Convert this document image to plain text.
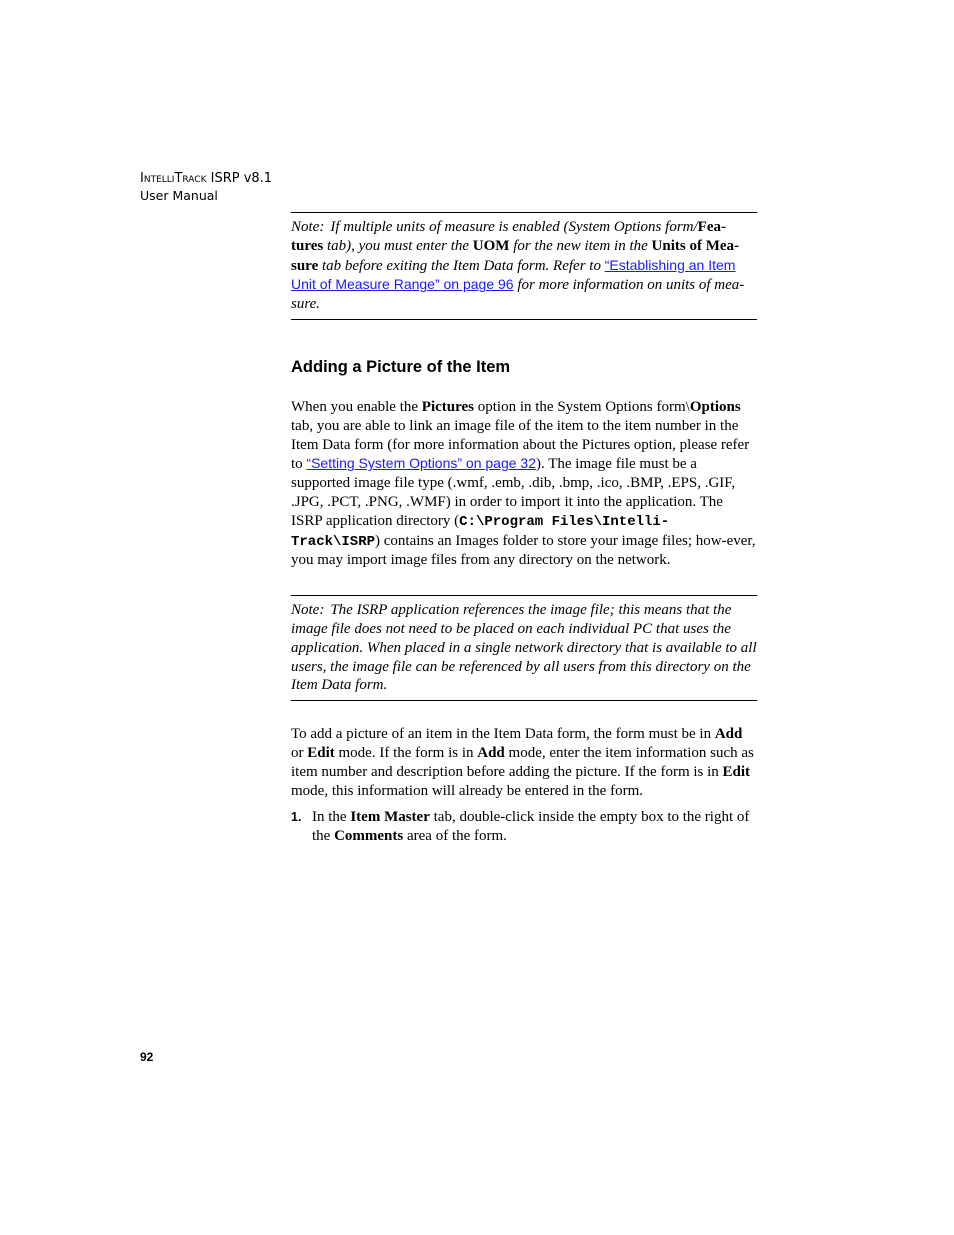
IntelliTrack ISRP v8.1
User Manual
Note: If multiple units of measure is enabled (System Options form/Fea-tures tab), you must enter the UOM for the new item in the Units of Mea-sure tab before exiting the Item Data form. Refer to “Establishing an Item Unit of Measure Range” on page 96 for more information on units of mea-sure.
Adding a Picture of the Item

When you enable the Pictures option in the System Options form\Options tab, you are able to link an image file of the item to the item number in the Item Data form (for more information about the Pictures option, please refer to “Setting System Options” on page 32). The image file must be a supported image file type (.wmf, .emb, .dib, .bmp, .ico, .BMP, .EPS, .GIF, .JPG, .PCT, .PNG, .WMF) in order to import it into the application. The ISRP application directory (C:\Program Files\Intelli-Track\ISRP) contains an Images folder to store your image files; how-ever, you may import image files from any directory on the network.

Note: The ISRP application references the image file; this means that the image file does not need to be placed on each individual PC that uses the application. When placed in a single network directory that is available to all users, the image file can be referenced by all users from this directory on the Item Data form.

To add a picture of an item in the Item Data form, the form must be in Add or Edit mode. If the form is in Add mode, enter the item information such as item number and description before adding the picture. If the form is in Edit mode, this information will already be entered in the form.

1. In the Item Master tab, double-click inside the empty box to the right of the Comments area of the form.
92
